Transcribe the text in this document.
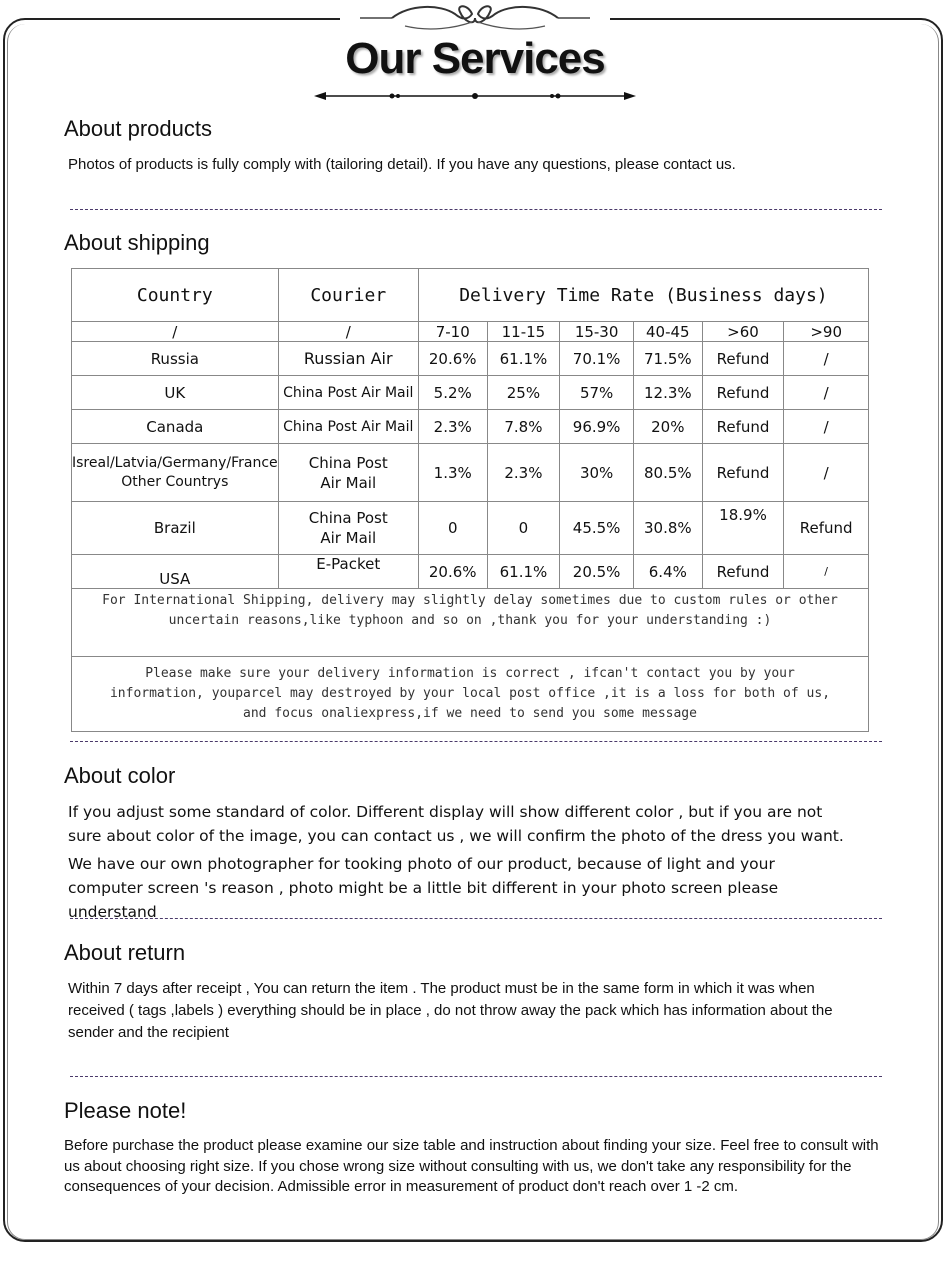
Our Services
About products
Photos of products is fully comply with (tailoring detail). If you have any questions, please contact us.
About shipping
Country	Courier	Delivery Time Rate (Business days)					
/	/	7-10	11-15	15-30	40-45	>60	>90
Russia	Russian Air	20.6%	61.1%	70.1%	71.5%	Refund	/
UK	China Post Air Mail	5.2%	25%	57%	12.3%	Refund	/
Canada	China Post Air Mail	2.3%	7.8%	96.9%	20%	Refund	/
Isreal/Latvia/Germany/France Other Countrys	China Post Air Mail	1.3%	2.3%	30%	80.5%	Refund	/
Brazil	China Post Air Mail	0	0	45.5%	30.8%	18.9%	Refund
USA	E-Packet	20.6%	61.1%	20.5%	6.4%	Refund	/
For International Shipping, delivery may slightly delay sometimes due to custom rules or other uncertain reasons,like typhoon and so on ,thank you for your understanding :)							
Please make sure your delivery information is correct , ifcan't contact you by your information, youparcel may destroyed by your local post office ,it is a loss for both of us, and focus onaliexpress,if we need to send you some message							
About color
If you adjust some standard of color. Different display will show different color , but if you are not sure about color of the image, you can contact us , we will confirm the photo of the dress you want.
We have our own photographer for tooking photo of our product, because of light and your computer screen 's reason , photo might be a little bit different in your photo screen please understand
About return
Within 7 days after receipt , You can return the item . The product must be in the same form in which it was when received ( tags ,labels ) everything should be in place , do not throw away the pack which has information about the sender and the recipient
Please note!
Before purchase the product please examine our size table and instruction about finding your size. Feel free to consult with us about choosing right size. If you chose wrong size without consulting with us, we don't take any responsibility for the consequences of your decision. Admissible error in measurement of product don't reach over 1 -2 cm.
